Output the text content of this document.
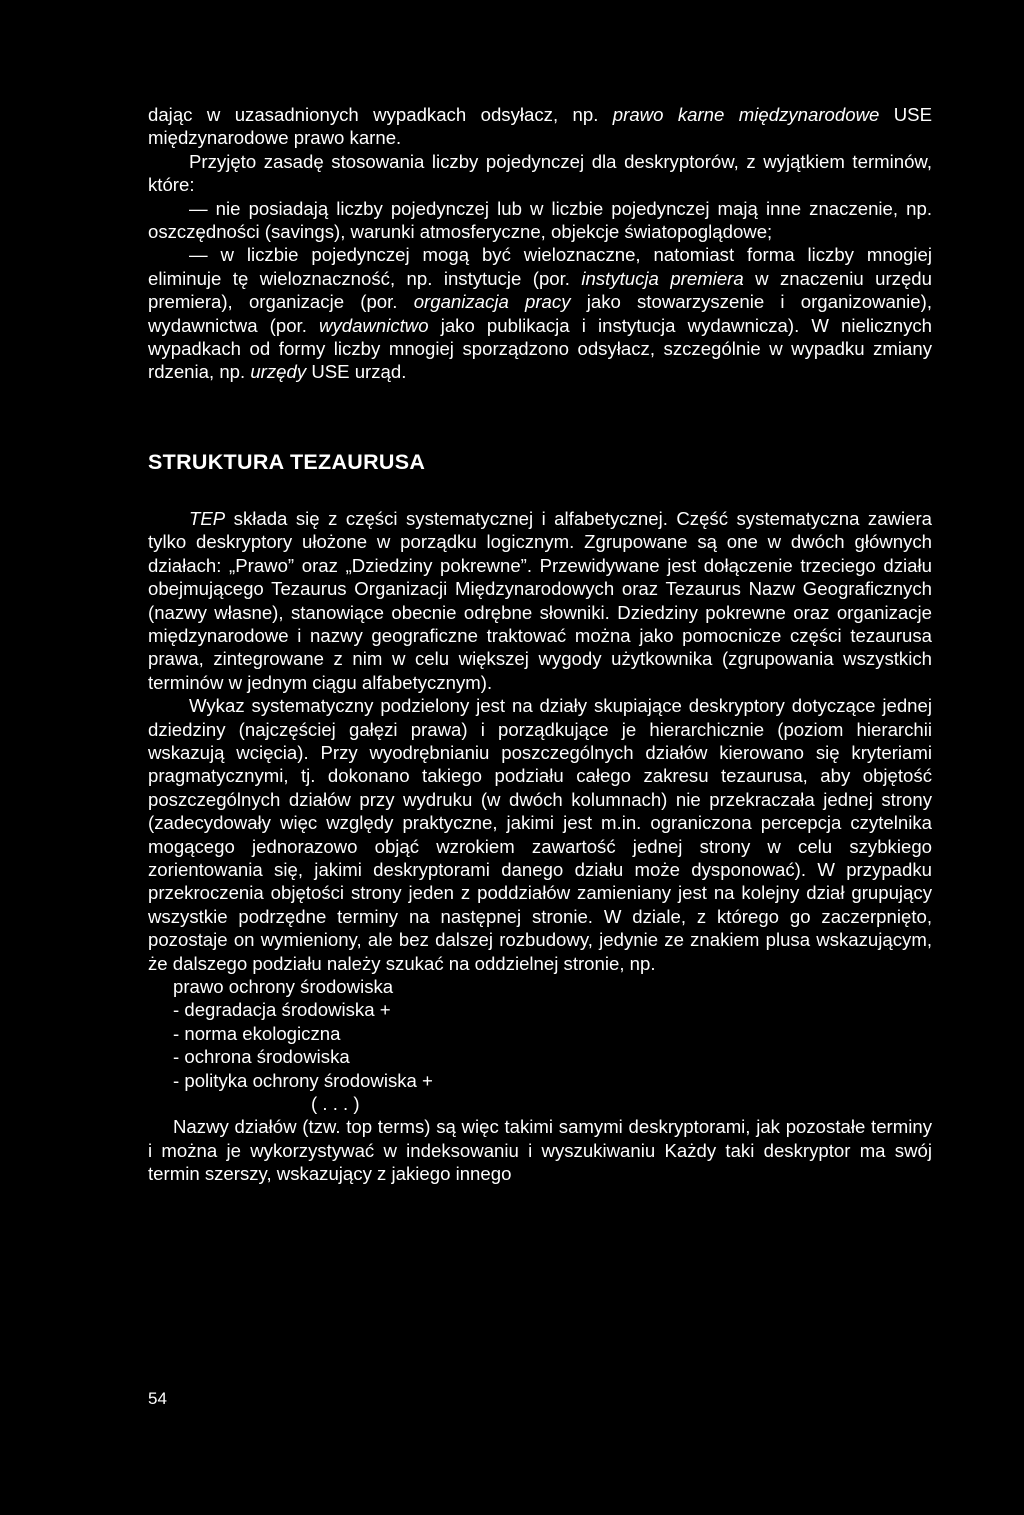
dając w uzasadnionych wypadkach odsyłacz, np. prawo karne międzynarodowe USE międzynarodowe prawo karne.

Przyjęto zasadę stosowania liczby pojedynczej dla deskryptorów, z wyjątkiem terminów, które:

— nie posiadają liczby pojedynczej lub w liczbie pojedynczej mają inne znaczenie, np. oszczędności (savings), warunki atmosferyczne, objekcje światopoglądowe;

— w liczbie pojedynczej mogą być wieloznaczne, natomiast forma liczby mnogiej eliminuje tę wieloznaczność, np. instytucje (por. instytucja premiera w znaczeniu urzędu premiera), organizacje (por. organizacja pracy jako stowarzyszenie i organizowanie), wydawnictwa (por. wydawnictwo jako publikacja i instytucja wydawnicza). W nielicznych wypadkach od formy liczby mnogiej sporządzono odsyłacz, szczególnie w wypadku zmiany rdzenia, np. urzędy USE urząd.

STRUKTURA TEZAURUSA

TEP składa się z części systematycznej i alfabetycznej. Część systematyczna zawiera tylko deskryptory ułożone w porządku logicznym. Zgrupowane są one w dwóch głównych działach: „Prawo” oraz „Dziedziny pokrewne”. Przewidywane jest dołączenie trzeciego działu obejmującego Tezaurus Organizacji Międzynarodowych oraz Tezaurus Nazw Geograficznych (nazwy własne), stanowiące obecnie odrębne słowniki. Dziedziny pokrewne oraz organizacje międzynarodowe i nazwy geograficzne traktować można jako pomocnicze części tezaurusa prawa, zintegrowane z nim w celu większej wygody użytkownika (zgrupowania wszystkich terminów w jednym ciągu alfabetycznym).

Wykaz systematyczny podzielony jest na działy skupiające deskryptory dotyczące jednej dziedziny (najczęściej gałęzi prawa) i porządkujące je hierarchicznie (poziom hierarchii wskazują wcięcia). Przy wyodrębnianiu poszczególnych działów kierowano się kryteriami pragmatycznymi, tj. dokonano takiego podziału całego zakresu tezaurusa, aby objętość poszczególnych działów przy wydruku (w dwóch kolumnach) nie przekraczała jednej strony (zadecydowały więc względy praktyczne, jakimi jest m.in. ograniczona percepcja czytelnika mogącego jednorazowo objąć wzrokiem zawartość jednej strony w celu szybkiego zorientowania się, jakimi deskryptorami danego działu może dysponować). W przypadku przekroczenia objętości strony jeden z poddziałów zamieniany jest na kolejny dział grupujący wszystkie podrzędne terminy na następnej stronie. W dziale, z którego go zaczerpnięto, pozostaje on wymieniony, ale bez dalszej rozbudowy, jedynie ze znakiem plusa wskazującym, że dalszego podziału należy szukać na oddzielnej stronie, np.

prawo ochrony środowiska

- degradacja środowiska +
- norma ekologiczna
- ochrona środowiska
- polityka ochrony środowiska +
( . . . )

Nazwy działów (tzw. top terms) są więc takimi samymi deskryptorami, jak pozostałe terminy i można je wykorzystywać w indeksowaniu i wyszukiwaniu Każdy taki deskryptor ma swój termin szerszy, wskazujący z jakiego innego

54
